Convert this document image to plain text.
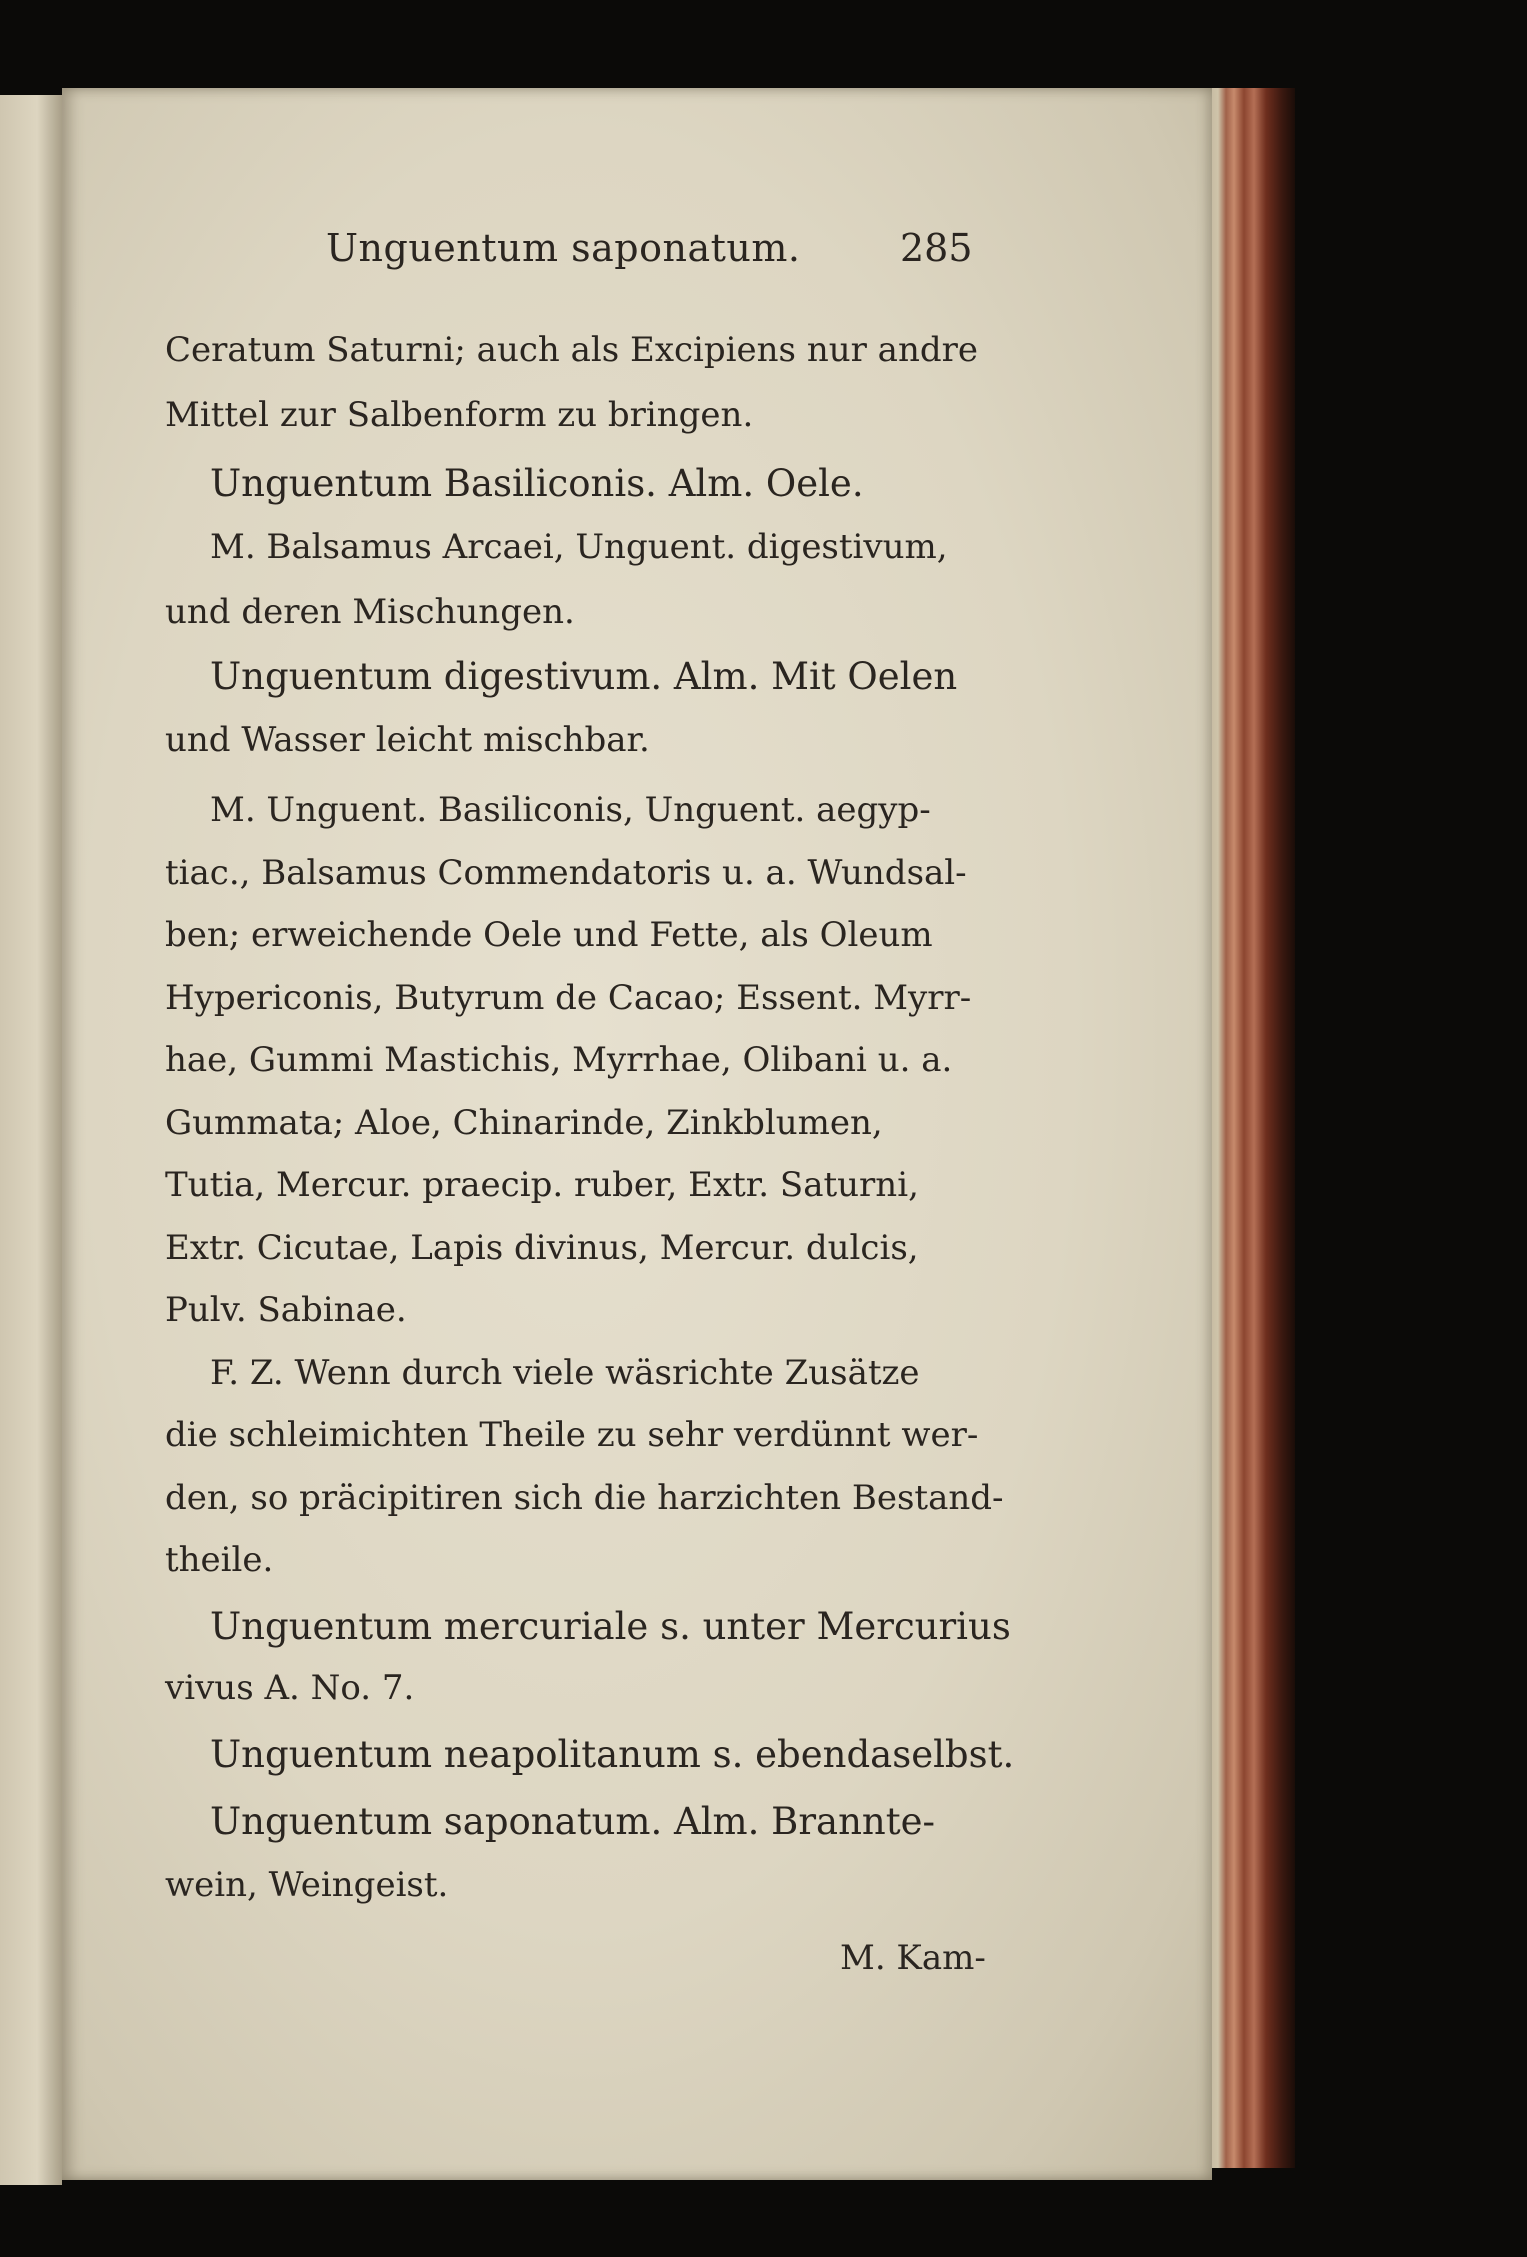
Unguentum saponatum.	285
Ceratum Saturni; auch als Excipiens nur andre
Mittel zur Salbenform zu bringen.
Unguentum Basiliconis. Alm. Oele.
M. Balsamus Arcaei, Unguent. digestivum,
und deren Mischungen.
Unguentum digestivum. Alm. Mit Oelen
und Wasser leicht mischbar.
M. Unguent. Basiliconis, Unguent. aegyp-
tiac., Balsamus Commendatoris u. a. Wundsal-
ben; erweichende Oele und Fette, als Oleum
Hypericonis, Butyrum de Cacao; Essent. Myrr-
hae, Gummi Mastichis, Myrrhae, Olibani u. a.
Gummata; Aloe, Chinarinde, Zinkblumen,
Tutia, Mercur. praecip. ruber, Extr. Saturni,
Extr. Cicutae, Lapis divinus, Mercur. dulcis,
Pulv. Sabinae.
F. Z. Wenn durch viele wäsrichte Zusätze
die schleimichten Theile zu sehr verdünnt wer-
den, so präcipitiren sich die harzichten Bestand-
theile.
Unguentum mercuriale s. unter Mercurius
vivus A. No. 7.
Unguentum neapolitanum s. ebendaselbst.
Unguentum saponatum. Alm. Brannte-
wein, Weingeist.
M. Kam-
